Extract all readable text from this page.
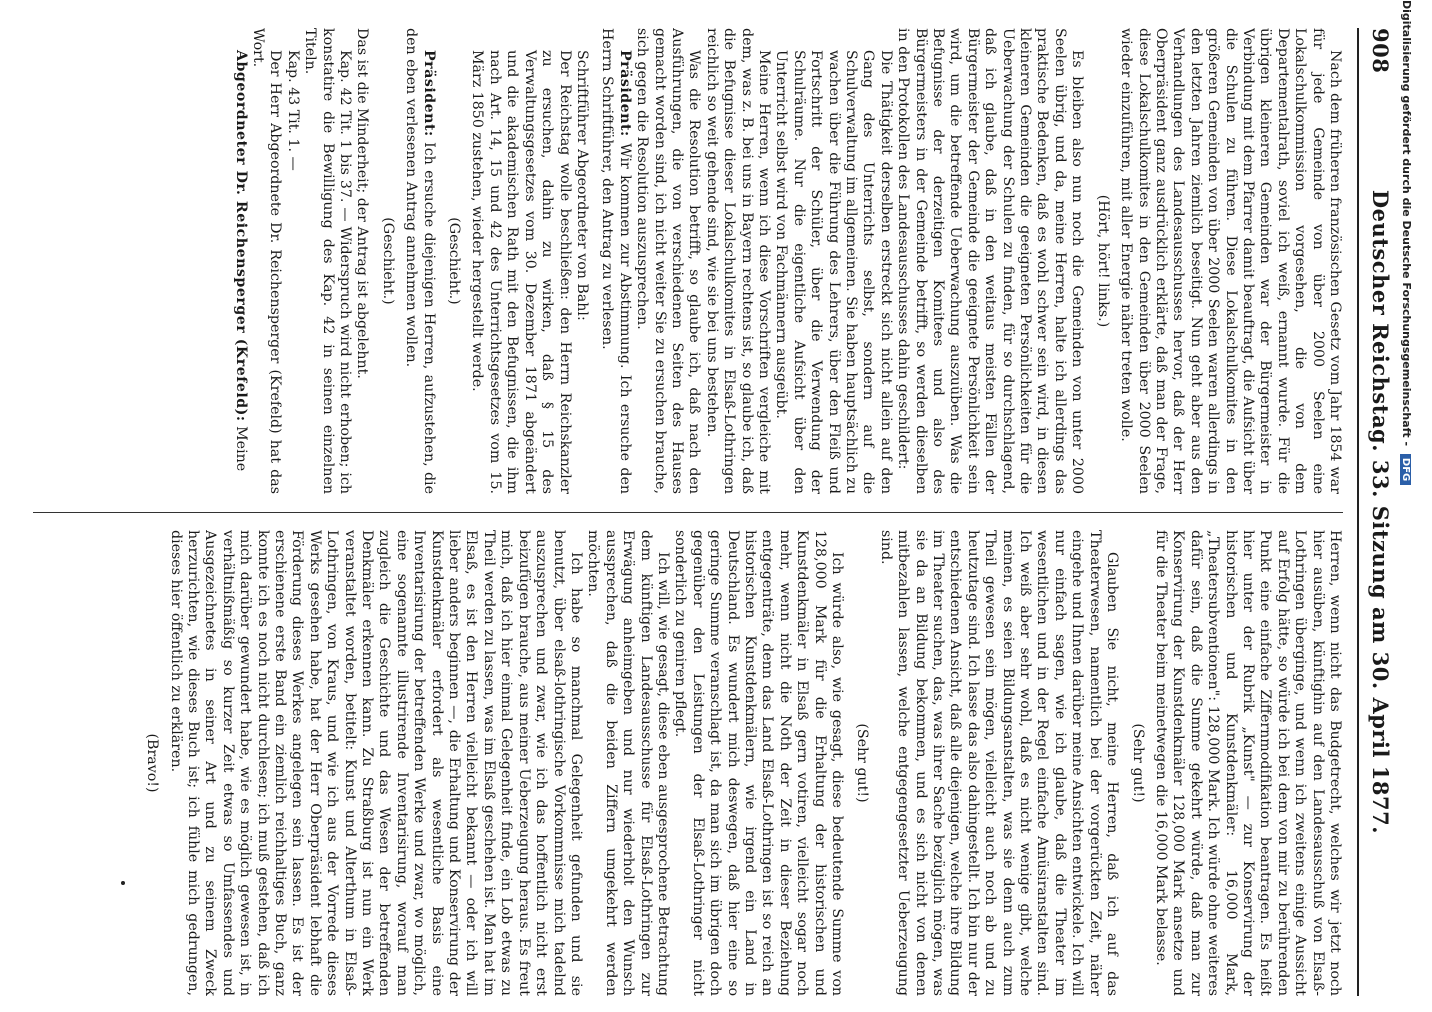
908
Deutscher Reichstag. 33. Sitzung am 30. April 1877.

Nach dem früheren französischen Gesetz vom Jahr 1854 war für jede Gemeinde von über 2000 Seelen eine Lokalschulkommission vorgesehen, die von dem Departementalrath, soviel ich weiß, ernannt wurde. Für die übrigen kleineren Gemeinden war der Bürgermeister in Verbindung mit dem Pfarrer damit beauftragt, die Aufsicht über die Schulen zu führen. Diese Lokalschulkomites in den größeren Gemeinden von über 2000 Seelen waren allerdings in den letzten Jahren ziemlich beseitigt. Nun geht aber aus den Verhandlungen des Landesausschusses hervor, daß der Herr Oberpräsident ganz ausdrücklich erklärte, daß man der Frage, diese Lokalschulkomites in den Gemeinden über 2000 Seelen wieder einzuführen, mit aller Energie näher treten wolle.

(Hört, hört! links.)

Es bleiben also nun noch die Gemeinden von unter 2000 Seelen übrig, und da, meine Herren, halte ich allerdings das praktische Bedenken, daß es wohl schwer sein wird, in diesen kleineren Gemeinden die geeigneten Persönlichkeiten für die Ueberwachung der Schulen zu finden, für so durchschlagend, daß ich glaube, daß in den weitaus meisten Fällen der Bürgermeister der Gemeinde die geeignete Persönlichkeit sein wird, um die betreffende Ueberwachung auszuüben. Was die Befugnisse der derzeitigen Komitees und also des Bürgermeisters in der Gemeinde betrifft, so werden dieselben in den Protokollen des Landesausschusses dahin geschildert:

Die Thätigkeit derselben erstreckt sich nicht allein auf den Gang des Unterrichts selbst, sondern auf die Schulverwaltung im allgemeinen. Sie haben hauptsächlich zu wachen über die Führung des Lehrers, über den Fleiß und Fortschritt der Schüler, über die Verwendung der Schulräume. Nur die eigentliche Aufsicht über den Unterricht selbst wird von Fachmännern ausgeübt.

Meine Herren, wenn ich diese Vorschriften vergleiche mit dem, was z. B. bei uns in Bayern rechtens ist, so glaube ich, daß die Befugnisse dieser Lokalschulkomites in Elsaß-Lothringen reichlich so weit gehende sind, wie sie bei uns bestehen.

Was die Resolution betrifft, so glaube ich, daß nach den Ausführungen, die von verschiedenen Seiten des Hauses gemacht worden sind, ich nicht weiter Sie zu ersuchen brauche, sich gegen die Resolution auszusprechen.

Präsident: Wir kommen zur Abstimmung. Ich ersuche den Herrn Schriftführer, den Antrag zu verlesen.

Schriftführer Abgeordneter von Bahl:

Der Reichstag wolle beschließen: den Herrn Reichskanzler zu ersuchen, dahin zu wirken, daß § 15 des Verwaltungsgesetzes vom 30. Dezember 1871 abgeändert und die akademischen Rath mit den Befugnissen, die ihm nach Art. 14, 15 und 42 des Unterrichtsgesetzes vom 15. März 1850 zustehen, wieder hergestellt werde.

(Geschieht.)

Präsident: Ich ersuche diejenigen Herren, aufzustehen, die den eben verlesenen Antrag annehmen wollen.

(Geschieht.)

Das ist die Minderheit; der Antrag ist abgelehnt.

Kap. 42 Tit. 1 bis 37. — Widerspruch wird nicht erhoben; ich konstatire die Bewilligung des Kap. 42 in seinen einzelnen Titeln.

Kap. 43 Tit. 1. —

Der Herr Abgeordnete Dr. Reichensperger (Krefeld) hat das Wort.

Abgeordneter Dr. Reichensperger (Krefeld): Meine

Herren, wenn nicht das Budgetrecht, welches wir jetzt noch hier ausüben, künftighin auf den Landesausschuß von Elsaß-Lothringen überginge, und wenn ich zweitens einige Aussicht auf Erfolg hätte, so würde ich bei dem von mir zu berührenden Punkt eine einfache Ziffernmodifikation beantragen. Es heißt hier unter der Rubrik „Kunst" — zur Konservirung der historischen und Kunstdenkmäler: 16,000 Mark, „Theatersubventionen": 128,000 Mark. Ich würde ohne weiteres dafür sein, daß die Summe gekehrt würde, daß man zur Konservirung der Kunstdenkmäler 128,000 Mark ansetze und für die Theater beim meinetwegen die 16,000 Mark belasse.

(Sehr gut!)

Glauben Sie nicht, meine Herren, daß ich auf das Theaterwesen, namentlich bei der vorgerückten Zeit, näher eingehe und Ihnen darüber meine Ansichten entwickele. Ich will nur einfach sagen, wie ich glaube, daß die Theater im wesentlichen und in der Regel einfache Amüsiranstalten sind. Ich weiß aber sehr wohl, daß es nicht wenige gibt, welche meinen, es seien Bildungsanstalten, was sie denn auch zum Theil gewesen sein mögen, vielleicht auch noch ab und zu heutzutage sind. Ich lasse das also dahingestellt. Ich bin nur der entschiedenen Ansicht, daß alle diejenigen, welche ihre Bildung im Theater suchen, das, was ihrer Sache bezüglich mögen, was sie da an Bildung bekommen, und es sich nicht von denen mitbezahlen lassen, welche entgegengesetzter Ueberzeugung sind.

(Sehr gut!)

Ich würde also, wie gesagt, diese bedeutende Summe von 128,000 Mark für die Erhaltung der historischen und Kunstdenkmäler in Elsaß gern votiren, vielleicht sogar noch mehr, wenn nicht die Noth der Zeit in dieser Beziehung entgegenträte, denn das Land Elsaß-Lothringen ist so reich an historischen Kunstdenkmälern, wie irgend ein Land in Deutschland. Es wundert mich deswegen, daß hier eine so geringe Summe veranschlagt ist, da man sich im übrigen doch gegenüber den Leistungen der Elsaß-Lothringer nicht sonderlich zu geniren pflegt.

Ich will, wie gesagt, diese eben ausgesprochene Betrachtung dem künftigen Landesausschusse für Elsaß-Lothringen zur Erwägung anheimgeben und nur wiederholt den Wunsch aussprechen, daß die beiden Ziffern umgekehrt werden möchten.

Ich habe so manchmal Gelegenheit gefunden und sie benutzt, über elsaß-lothringische Vorkommnisse mich tadelnd auszusprechen und zwar, wie ich das hoffentlich nicht erst beizufügen brauche, aus meiner Ueberzeugung heraus. Es freut mich, daß ich hier einmal Gelegenheit finde, ein Lob etwas zu Theil werden zu lassen, was im Elsaß geschehen ist. Man hat im Elsaß, es ist den Herren vielleicht bekannt — oder ich will lieber anders beginnen —, die Erhaltung und Konservirung der Kunstdenkmäler erfordert als wesentliche Basis eine Inventarisirung der betreffenden Werke und zwar, wo möglich, eine sogenannte illustrirende Inventarisirung, worauf man zugleich die Geschichte und das Wesen der betreffenden Denkmäler erkennen kann. Zu Straßburg ist nun ein Werk veranstaltet worden, betitelt: Kunst und Alterthum in Elsaß-Lothringen, von Kraus, und wie ich aus der Vorrede dieses Werks gesehen habe, hat der Herr Oberpräsident lebhaft die Förderung dieses Werkes angelegen sein lassen. Es ist der erschienene erste Band ein ziemlich reichhaltiges Buch, ganz konnte ich es noch nicht durchlesen; ich muß gestehen, daß ich mich darüber gewundert habe, wie es möglich gewesen ist, in verhältnißmäßig so kurzer Zeit etwas so Umfassendes und Ausgezeichnetes in seiner Art und zu seinem Zweck herzurichten, wie dieses Buch ist; ich fühle mich gedrungen, dieses hier öffentlich zu erklären.

(Bravo!)

Digitalisierung gefördert durch die Deutsche Forschungsgemeinschaft - DFG
